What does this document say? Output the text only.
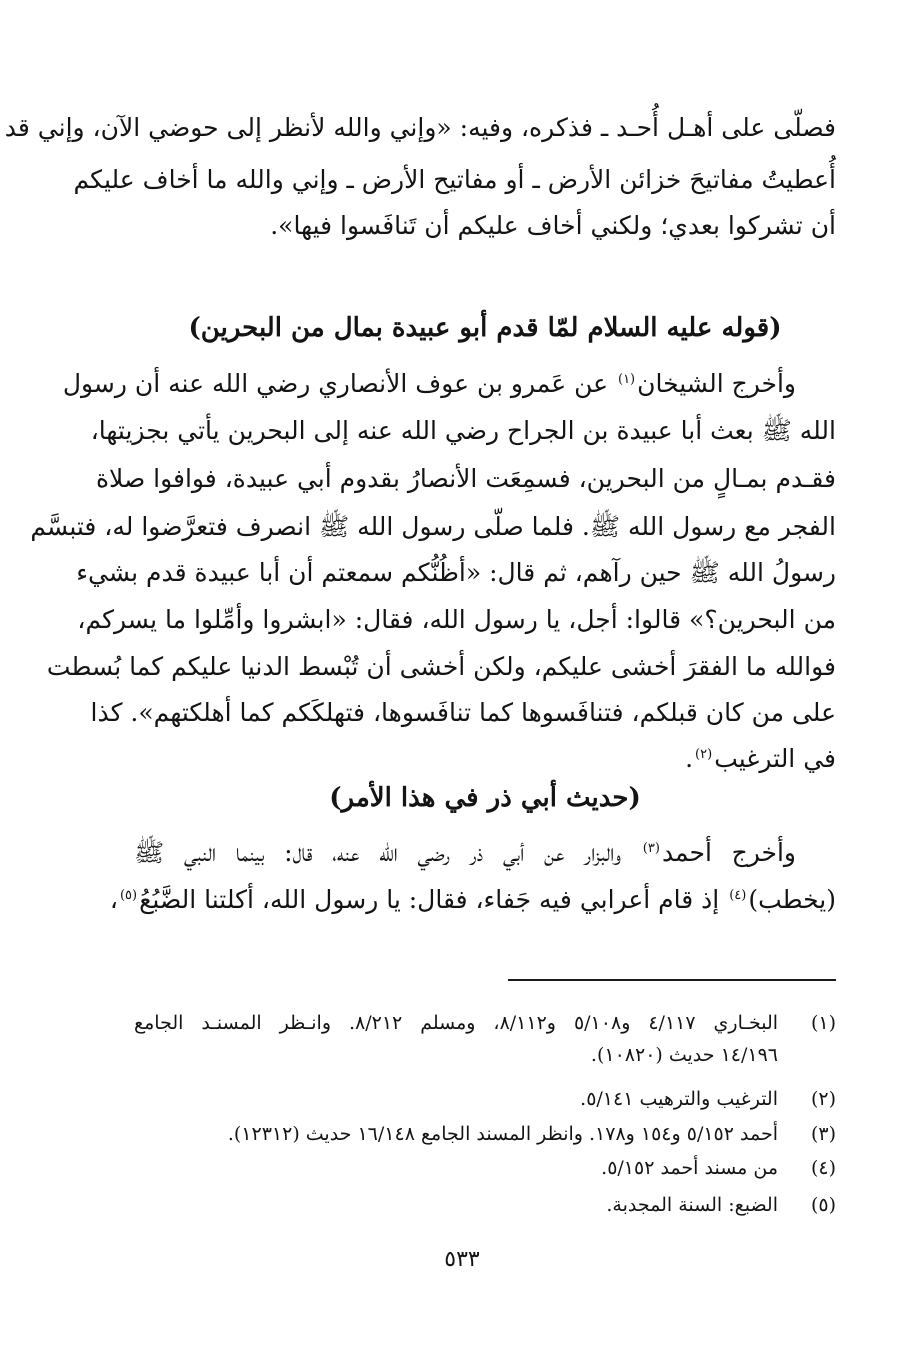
فصلّى على أهـل أُحـد ـ فذكره، وفيه: «وإني والله لأنظر إلى حوضي الآن، وإني قد
أُعطيتُ مفاتيحَ خزائن الأرض ـ أو مفاتيح الأرض ـ وإني والله ما أخاف عليكم
أن تشركوا بعدي؛ ولكني أخاف عليكم أن تَنافَسوا فيها».
(قوله عليه السلام لمّا قدم أبو عبيدة بمال من البحرين)
وأخرج الشيخان$^{(١)}$ عن عَمرو بن عوف الأنصاري رضي الله عنه أن رسول
الله ﷺ بعث أبا عبيدة بن الجراح رضي الله عنه إلى البحرين يأتي بجزيتها،
فقـدم بمـالٍ من البحرين، فسمِعَت الأنصارُ بقدوم أبي عبيدة، فوافوا صلاة
الفجر مع رسول الله ﷺ. فلما صلّى رسول الله ﷺ انصرف فتعرَّضوا له، فتبسَّم
رسولُ الله ﷺ حين رآهم، ثم قال: «أظُنُّكم سمعتم أن أبا عبيدة قدم بشيء
من البحرين؟» قالوا: أجل، يا رسول الله، فقال: «ابشروا وأمِّلوا ما يسركم،
فوالله ما الفقرَ أخشى عليكم، ولكن أخشى أن تُبْسط الدنيا عليكم كما بُسطت
على من كان قبلكم، فتنافَسوها كما تنافَسوها، فتهلكَكم كما أهلكتهم». كذا
في الترغيب$^{(٢)}$.
(حديث أبي ذر في هذا الأمر)
وأخرج أحمد$^{(٣)}$ والبزار عن أبي ذر رضي الله عنه، قال: بينما النبي ﷺ
(يخطب)$^{(٤)}$ إذ قام أعرابي فيه جَفاء، فقال: يا رسول الله، أكلتنا الضَّبُعُ$^{(٥)}$،
(١)
البخـاري ٤/١١٧ و٥/١٠٨ و٨/١١٢، ومسلم ٨/٢١٢. وانـظر المسنـد الجامع
١٤/١٩٦ حديث (١٠٨٢٠).
(٢)
الترغيب والترهيب ٥/١٤١.
(٣)
أحمد ٥/١٥٢ و١٥٤ و١٧٨. وانظر المسند الجامع ١٦/١٤٨ حديث (١٢٣١٢).
(٤)
من مسند أحمد ٥/١٥٢.
(٥)
الضبع: السنة المجدبة.
٥٣٣
